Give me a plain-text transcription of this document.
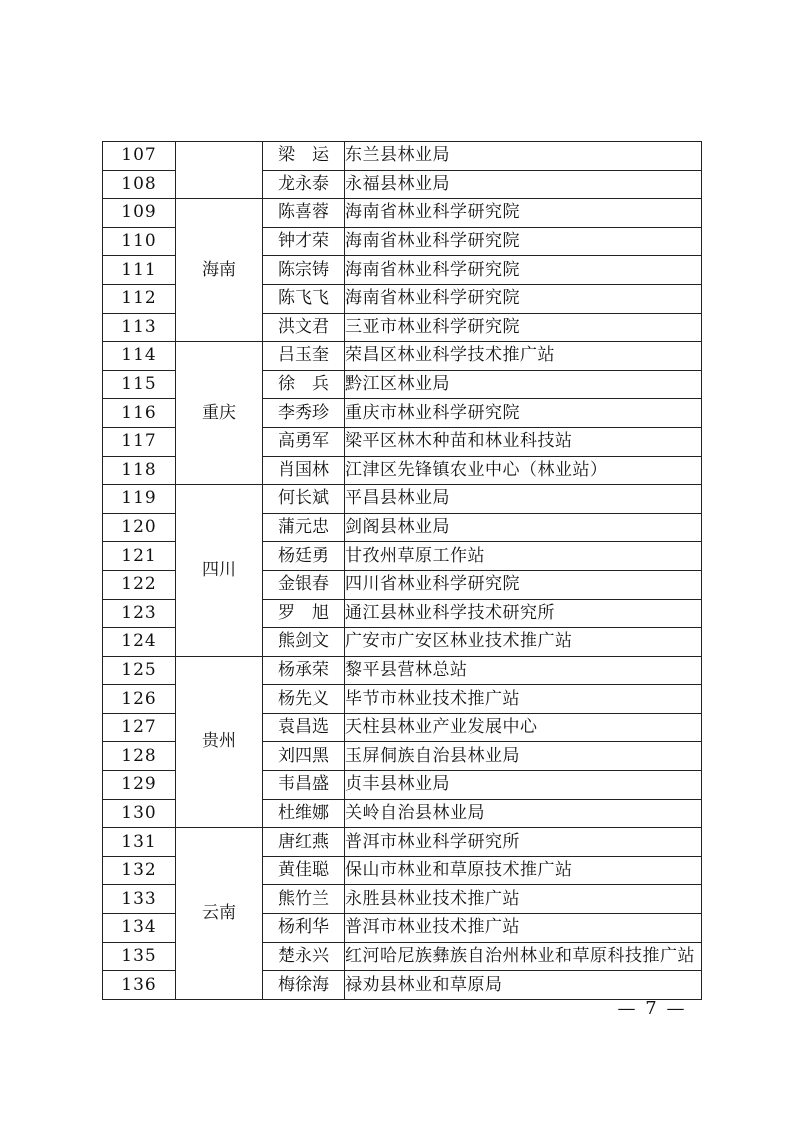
107		梁　运	东兰县林业局
108		龙永泰	永福县林业局
109	海南	陈喜蓉	海南省林业科学研究院
110		钟才荣	海南省林业科学研究院
111		陈宗铸	海南省林业科学研究院
112		陈飞飞	海南省林业科学研究院
113		洪文君	三亚市林业科学研究院
114	重庆	吕玉奎	荣昌区林业科学技术推广站
115		徐　兵	黔江区林业局
116		李秀珍	重庆市林业科学研究院
117		高勇军	梁平区林木种苗和林业科技站
118		肖国林	江津区先锋镇农业中心（林业站）
119	四川	何长斌	平昌县林业局
120		蒲元忠	剑阁县林业局
121		杨廷勇	甘孜州草原工作站
122		金银春	四川省林业科学研究院
123		罗　旭	通江县林业科学技术研究所
124		熊剑文	广安市广安区林业技术推广站
125	贵州	杨承荣	黎平县营林总站
126		杨先义	毕节市林业技术推广站
127		袁昌选	天柱县林业产业发展中心
128		刘四黑	玉屏侗族自治县林业局
129		韦昌盛	贞丰县林业局
130		杜维娜	关岭自治县林业局
131	云南	唐红燕	普洱市林业科学研究所
132		黄佳聪	保山市林业和草原技术推广站
133		熊竹兰	永胜县林业技术推广站
134		杨利华	普洱市林业技术推广站
135		楚永兴	红河哈尼族彝族自治州林业和草原科技推广站
136		梅徐海	禄劝县林业和草原局
— 7 —
